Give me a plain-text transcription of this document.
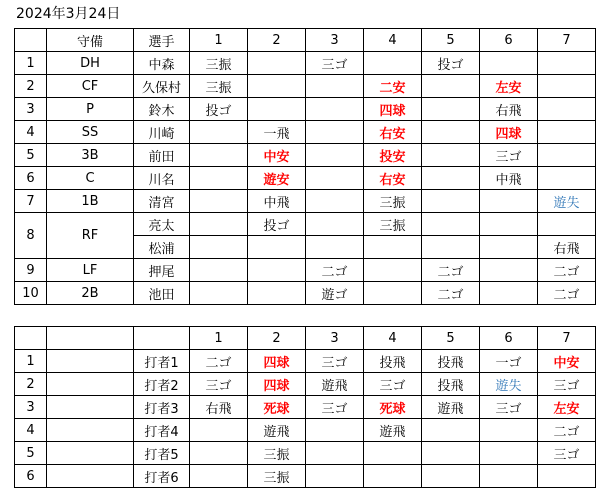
2024年3月24日
	守備	選手	1	2	3	4	5	6	7
1	DH	中森	三振		三ゴ		投ゴ		
2	CF	久保村	三振			二安		左安	
3	P	鈴木	投ゴ			四球		右飛	
4	SS	川崎		一飛		右安		四球	
5	3B	前田		中安		投安		三ゴ	
6	C	川名		遊安		右安		中飛	
7	1B	清宮		中飛		三振			遊失
8	RF	亮太		投ゴ		三振			
		松浦							右飛
9	LF	押尾			二ゴ		二ゴ		二ゴ
10	2B	池田			遊ゴ		二ゴ		二ゴ
			1	2	3	4	5	6	7
1		打者1	二ゴ	四球	三ゴ	投飛	投飛	一ゴ	中安
2		打者2	三ゴ	四球	遊飛	三ゴ	投飛	遊失	三ゴ
3		打者3	右飛	死球	三ゴ	死球	遊飛	三ゴ	左安
4		打者4		遊飛		遊飛			二ゴ
5		打者5		三振					三ゴ
6		打者6		三振					
